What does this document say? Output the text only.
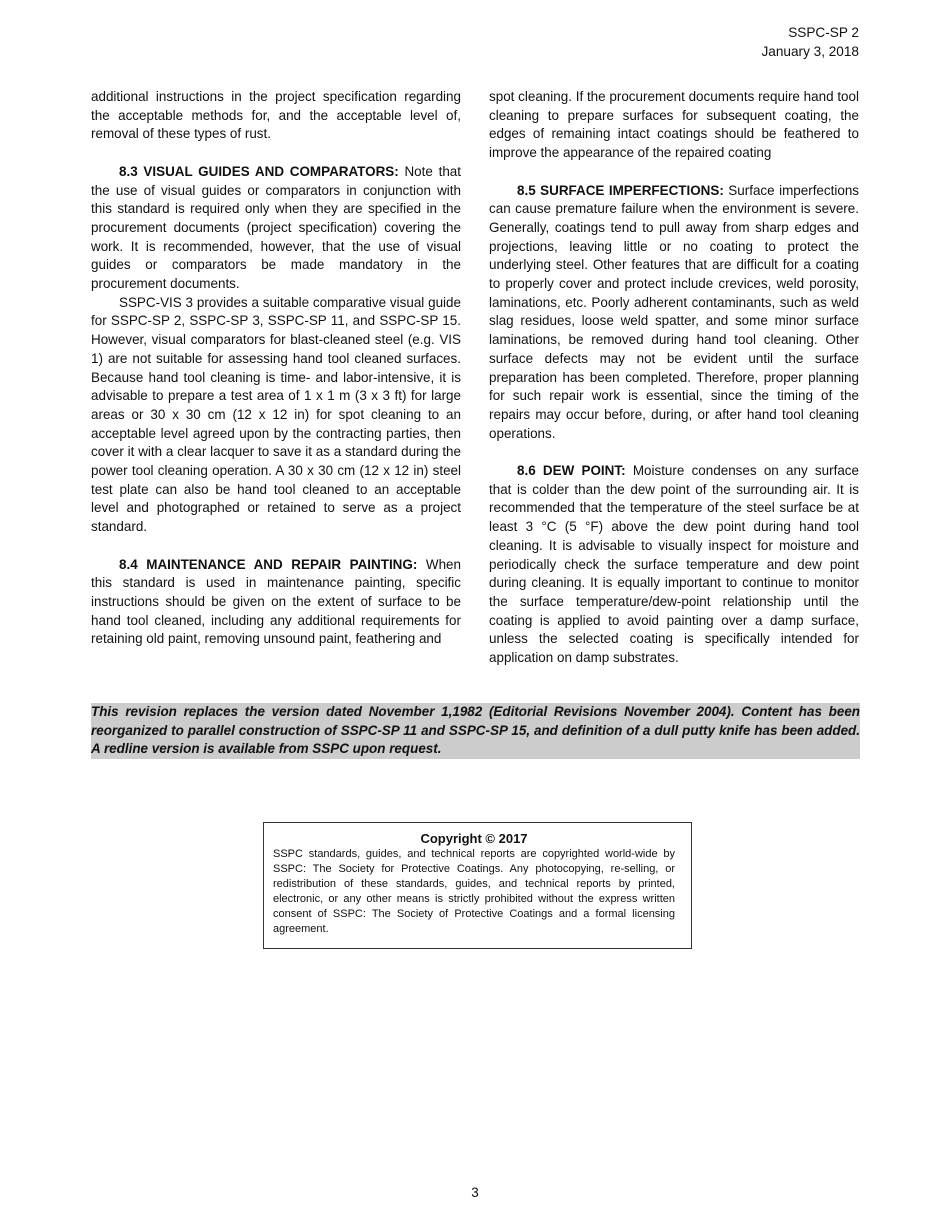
SSPC-SP 2
January 3, 2018

additional instructions in the project specification regarding the acceptable methods for, and the acceptable level of, removal of these types of rust.

8.3 VISUAL GUIDES AND COMPARATORS: Note that the use of visual guides or comparators in conjunction with this standard is required only when they are specified in the procurement documents (project specification) covering the work. It is recommended, however, that the use of visual guides or comparators be made mandatory in the procurement documents.

SSPC-VIS 3 provides a suitable comparative visual guide for SSPC-SP 2, SSPC-SP 3, SSPC-SP 11, and SSPC-SP 15. However, visual comparators for blast-cleaned steel (e.g. VIS 1) are not suitable for assessing hand tool cleaned surfaces. Because hand tool cleaning is time- and labor-intensive, it is advisable to prepare a test area of 1 x 1 m (3 x 3 ft) for large areas or 30 x 30 cm (12 x 12 in) for spot cleaning to an acceptable level agreed upon by the contracting parties, then cover it with a clear lacquer to save it as a standard during the power tool cleaning operation. A 30 x 30 cm (12 x 12 in) steel test plate can also be hand tool cleaned to an acceptable level and photographed or retained to serve as a project standard.

8.4 MAINTENANCE AND REPAIR PAINTING: When this standard is used in maintenance painting, specific instructions should be given on the extent of surface to be hand tool cleaned, including any additional requirements for retaining old paint, removing unsound paint, feathering and

spot cleaning. If the procurement documents require hand tool cleaning to prepare surfaces for subsequent coating, the edges of remaining intact coatings should be feathered to improve the appearance of the repaired coating

8.5 SURFACE IMPERFECTIONS: Surface imperfections can cause premature failure when the environment is severe. Generally, coatings tend to pull away from sharp edges and projections, leaving little or no coating to protect the underlying steel. Other features that are difficult for a coating to properly cover and protect include crevices, weld porosity, laminations, etc. Poorly adherent contaminants, such as weld slag residues, loose weld spatter, and some minor surface laminations, be removed during hand tool cleaning. Other surface defects may not be evident until the surface preparation has been completed. Therefore, proper planning for such repair work is essential, since the timing of the repairs may occur before, during, or after hand tool cleaning operations.

8.6 DEW POINT: Moisture condenses on any surface that is colder than the dew point of the surrounding air. It is recommended that the temperature of the steel surface be at least 3 °C (5 °F) above the dew point during hand tool cleaning. It is advisable to visually inspect for moisture and periodically check the surface temperature and dew point during cleaning. It is equally important to continue to monitor the surface temperature/dew-point relationship until the coating is applied to avoid painting over a damp surface, unless the selected coating is specifically intended for application on damp substrates.

This revision replaces the version dated November 1,1982 (Editorial Revisions November 2004). Content has been reorganized to parallel construction of SSPC-SP 11 and SSPC-SP 15, and definition of a dull putty knife has been added. A redline version is available from SSPC upon request.
Copyright © 2017
SSPC standards, guides, and technical reports are copyrighted world-wide by SSPC: The Society for Protective Coatings. Any photocopying, re-selling, or redistribution of these standards, guides, and technical reports by printed, electronic, or any other means is strictly prohibited without the express written consent of SSPC: The Society of Protective Coatings and a formal licensing agreement.
3
